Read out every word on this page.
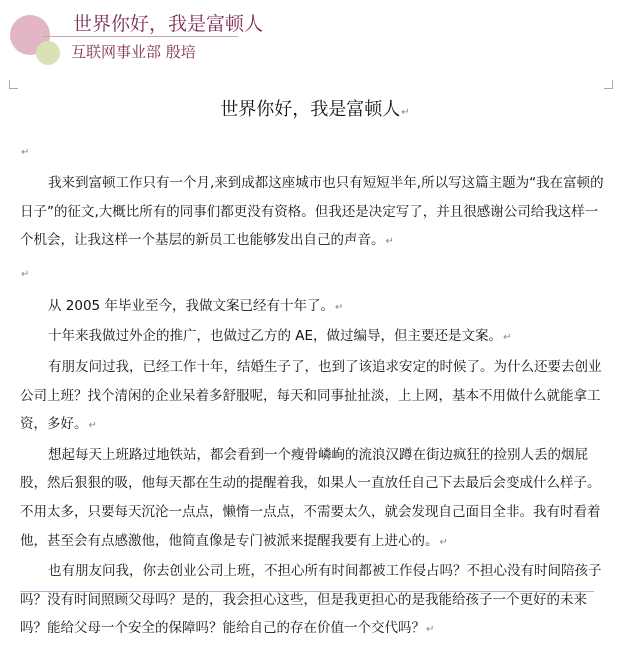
世界你好，我是富顿人
互联网事业部 殷培
世界你好，我是富顿人↵
↵

我来到富顿工作只有一个月,来到成都这座城市也只有短短半年,所以写这篇主题为“我在富顿的日子”的征文,大概比所有的同事们都更没有资格。但我还是决定写了，并且很感谢公司给我这样一个机会，让我这样一个基层的新员工也能够发出自己的声音。↵

↵

从 2005 年毕业至今，我做文案已经有十年了。↵

十年来我做过外企的推广，也做过乙方的 AE，做过编导，但主要还是文案。↵

有朋友问过我，已经工作十年，结婚生子了，也到了该追求安定的时候了。为什么还要去创业公司上班？找个清闲的企业呆着多舒服呢，每天和同事扯扯淡，上上网，基本不用做什么就能拿工资，多好。↵

想起每天上班路过地铁站，都会看到一个瘦骨嶙峋的流浪汉蹲在街边疯狂的捡别人丢的烟屁股，然后狠狠的吸，他每天都在生动的提醒着我，如果人一直放任自己下去最后会变成什么样子。不用太多，只要每天沉沦一点点，懒惰一点点，不需要太久，就会发现自己面目全非。我有时看着他，甚至会有点感激他，他简直像是专门被派来提醒我要有上进心的。↵

也有朋友问我，你去创业公司上班，不担心所有时间都被工作侵占吗？不担心没有时间陪孩子吗？没有时间照顾父母吗？是的，我会担心这些，但是我更担心的是我能给孩子一个更好的未来吗？能给父母一个安全的保障吗？能给自己的存在价值一个交代吗？↵
